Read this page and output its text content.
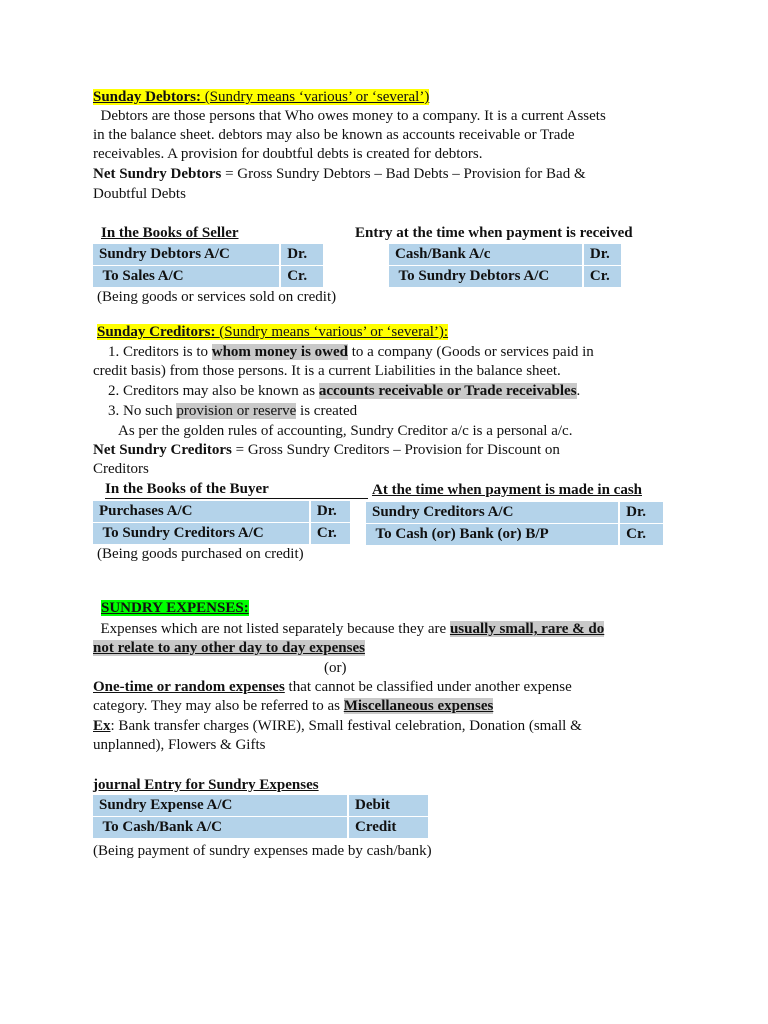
Sunday Debtors: (Sundry means ‘various’ or ‘several’)
Debtors are those persons that Who owes money to a company. It is a current Assets
in the balance sheet. debtors may also be known as accounts receivable or Trade
receivables. A provision for doubtful debts is created for debtors.
Net Sundry Debtors = Gross Sundry Debtors – Bad Debts – Provision for Bad &
Doubtful Debts
In the Books of Seller	Entry at the time when payment is received
Sundry Debtors A/C	Dr.
To Sales A/C	Cr.
Cash/Bank A/c	Dr.
To Sundry Debtors A/C	Cr.
(Being goods or services sold on credit)
Sunday Creditors: (Sundry means ‘various’ or ‘several’):
1. Creditors is to whom money is owed to a company (Goods or services paid in
credit basis) from those persons. It is a current Liabilities in the balance sheet.
2. Creditors may also be known as accounts receivable or Trade receivables.
3. No such provision or reserve is created
As per the golden rules of accounting, Sundry Creditor a/c is a personal a/c.
Net Sundry Creditors = Gross Sundry Creditors – Provision for Discount on
Creditors
In the Books of the Buyer	At the time when payment is made in cash
Purchases A/C	Dr.
To Sundry Creditors A/C	Cr.
Sundry Creditors A/C	Dr.
To Cash (or) Bank (or) B/P	Cr.
(Being goods purchased on credit)
SUNDRY EXPENSES:
Expenses which are not listed separately because they are usually small, rare & do
not relate to any other day to day expenses
(or)
One-time or random expenses that cannot be classified under another expense
category. They may also be referred to as Miscellaneous expenses
Ex: Bank transfer charges (WIRE), Small festival celebration, Donation (small &
unplanned), Flowers & Gifts
journal Entry for Sundry Expenses
Sundry Expense A/C	Debit
To Cash/Bank A/C	Credit
(Being payment of sundry expenses made by cash/bank)
